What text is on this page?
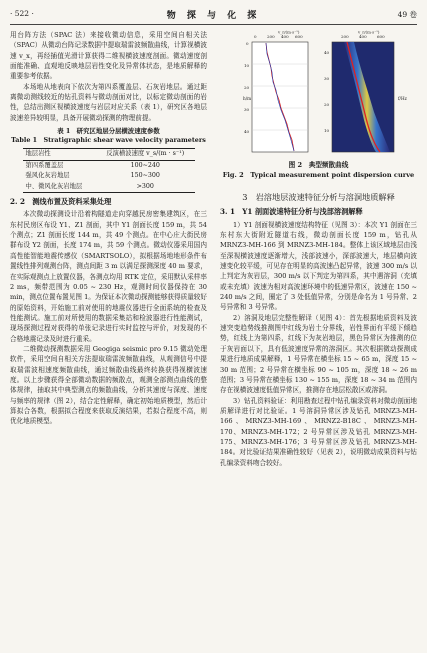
· 522 ·	物 探 与 化 探	49 卷

用台阵方法（SPAC 法）来接收微动信息，采用空间自相关法（SPAC）从微动台阵记录数据中提取瑞雷波频散曲线，计算视横波速 v_x，再经插值光滑计算获得二维视横波速度剖面。微动速度剖面能准确、直观地反映地层岩性变化及异常体状态，是地质解释的重要参考依据。

本场地从地表向下依次为第四系覆盖层、石灰岩地层。通过距离微动测线较近的钻孔资料与微动剖面对比，以标定微动剖面的岩性，总结出测区视横波速度与岩层对应关系（表 1），研究区各地层波速差异较明显，具备开展微动探测的物理前提。

表 1　研究区地层分层横波速度参数
Table 1　Stratigraphic shear wave velocity parameters
地层岩性	反演横波速度 v_s/(m · s⁻¹)
第四系覆盖层	100~240
强风化灰岩地层	150~300
中、微风化灰岩地层	>300
2. 2　测线布置及资料采集处理

本次微动探测设计沿着构隧道走向穿越民房密集建筑区，在三东村民房区布设 Y1、Z1 剖面，其中 Y1 剖面长度 159 m，共 54 个测点；Z1 剖面长度 144 m，共 49 个测点。在中心庄大街民房群布设 Y2 剖面，长度 174 m，共 59 个测点。微动仪器采用国内高性能智能地震传感仪（SMARTSOLO），拟根据场地地形条件布置线性排列观测台阵，测点间距 3 m 以满足探测深度 40 m 要求，在实际观测点上放置仪器，各测点均用 RTK 定位，采用默认采样率 2 ms，频带范围为 0.05 ~ 230 Hz，观测时间仪器保持在 30 min，测点位置布置见图 1。为保证本次微动探测能够获得质量较好的原始资料，开始施工前对使用的地震仪器进行全面系统的检查及性能测试。施工前对所使用的数据采集站和检波器进行性能测试，现场探测过程对获得的单张记录进行实时监控与评价，对发现的不合格地震记录及时进行重采。

二维微动探测数据采用 Geogiga seismic pro 9.15 微动处理软件，采用空间自相关方法提取瑞雷波频散曲线，从观测信号中提取瑞雷波相速度频散曲线，通过频散曲线最终转换获得视横波速度。以上步骤获得全部微动数据的频散点，观测全部测点曲线的整体规律，抽取其中典型测点的频散曲线，分析其速度与深度、速度与频率的规律（图 2），结合定性解释，确定初始地质模型，然后计算拟合各数，根据拟合程度来获取反演结果，若拟合程度不高，则优化地质模型。

0	200 400 600
v_r/(m·s⁻¹)
h/m
0
10
20
30
40
200	400	600
v_r/(m·s⁻¹)
f/Hz
40
30
20
10
图 2　典型频散曲线
Fig. 2　Typical measurement point dispersion curve
3　岩溶地层波速特征分析与溶洞地质解释
3. 1　Y1 剖面波速特征分析与浅部溶洞解释

1）Y1 剖面视横波速度结构特征（见图 3）：本次 Y1 剖面在三东村东大街附近隧道右线，微动剖面长度 159 m，钻孔从 MRNZ3-MH-166 到 MRNZ3-MH-184。整体上该区域地层由浅至深视横波速度逐渐增大，浅部波速小，深部波速大，地层横向波速变化较平缓，可见存在明显的高波速凸起异常，波速 300 m/s 以上判定为灰岩层，300 m/s 以下判定为第四系，其中遇溶洞（充填或未充填）波速为相对高波速环境中的低速异常区，波速在 150 ~ 240 m/s 之间，圈定了 3 处低值异常，分别是命名为 1 号异常、2 号异常和 3 号异常。

2）溶洞及地层完整性解译（见图 4）：首先根据地质资料及波速突变趋势线推测图中红线为岩土分界线，岩性界面有平缓下倾趋势，红线上为第四系，红线下为灰岩地层，黑色异常区为推测的位于灰岩面以下，具有低波速度异常的溶洞区。其次根据微动探测成果进行地质成果解释，1 号异常在横坐标 15 ~ 65 m，深度 15 ~ 30 m 范围；2 号异常在横坐标 90 ~ 105 m，深度 18 ~ 26 m 范围；3 号异常在横坐标 130 ~ 155 m，深度 18 ~ 34 m 范围内存在视横波速度低值异常区，推测存在地层松散区或溶洞。

3）钻孔资料验证：利用勘查过程中钻孔编录资料对微动剖面地质解译进行对比验证。1 号溶洞异常区涉及钻孔 MRNZ3-MH-166、MRNZ3-MH-169、MRNZ2-B18C、MRNZ3-MH-170、MRNZ3-MH-172；2 号异常区涉及钻孔 MRNZ3-MH-175、MRNZ3-MH-176；3 号异常区涉及钻孔 MRNZ3-MH-184。对比验证结果准确性较好（见表 2），说明微动成果资料与钻孔编录资料吻合较好。
